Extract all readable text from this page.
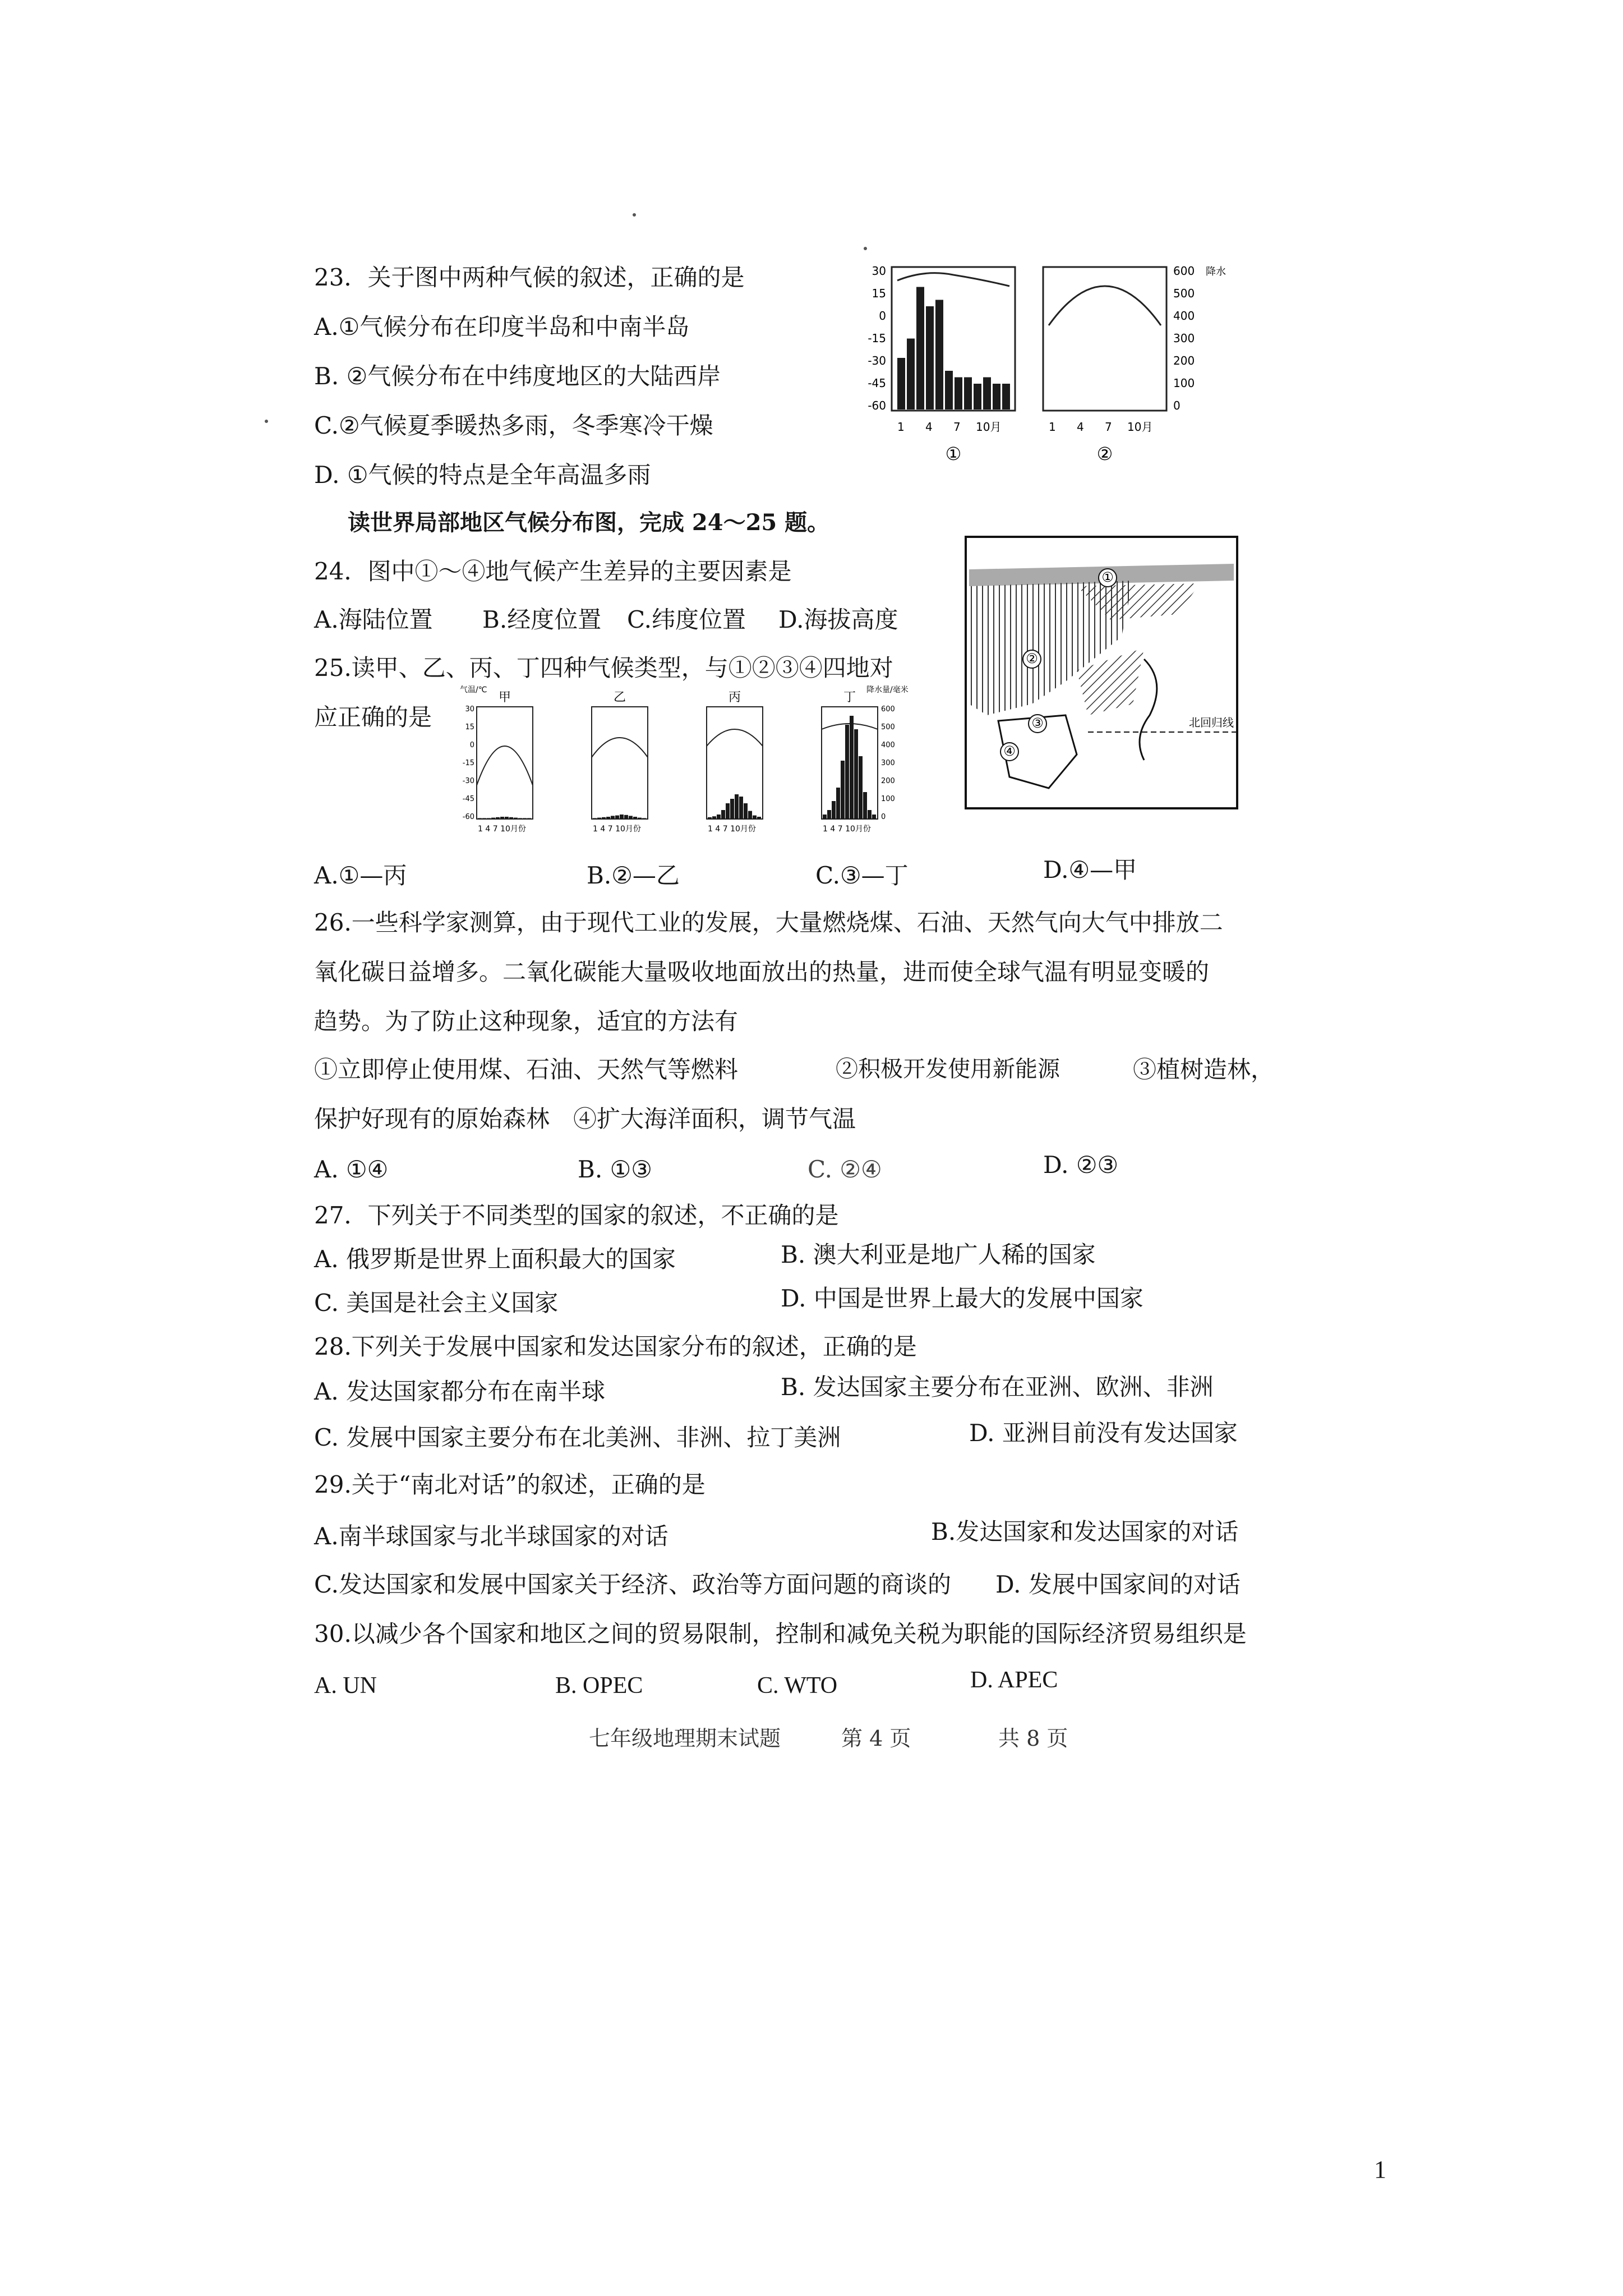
23．关于图中两种气候的叙述，正确的是
A.①气候分布在印度半岛和中南半岛
B. ②气候分布在中纬度地区的大陆西岸
C.②气候夏季暖热多雨，冬季寒冷干燥
D. ①气候的特点是全年高温多雨
30
15
0
-15
-30
-45
-60
600
500
400
300
200
100
0
降水
1 4 7 10月	1 4 7 10月
①	②
读世界局部地区气候分布图，完成 24～25 题。
24．图中①～④地气候产生差异的主要因素是
A.海陆位置 B.经度位置 C.纬度位置 D.海拔高度
北回归线
①
②
③
④
25.读甲、乙、丙、丁四种气候类型，与①②③④四地对
应正确的是
甲
1 4 7 10月份
气温/℃
乙
1 4 7 10月份
丙
1 4 7 10月份
丁
1 4 7 10月份
降水量/毫米
30
15
0
-15
-30
-45
-60
600
500
400
300
200
100
0
A.①—丙	B.②—乙	C.③—丁	D.④—甲
26.一些科学家测算，由于现代工业的发展，大量燃烧煤、石油、天然气向大气中排放二
氧化碳日益增多。二氧化碳能大量吸收地面放出的热量，进而使全球气温有明显变暖的
趋势。为了防止这种现象，适宜的方法有
①立即停止使用煤、石油、天然气等燃料	②积极开发使用新能源	③植树造林，
保护好现有的原始森林　④扩大海洋面积，调节气温
A. ①④	B. ①③	C. ②④	D. ②③
27．下列关于不同类型的国家的叙述，不正确的是
A. 俄罗斯是世界上面积最大的国家	B. 澳大利亚是地广人稀的国家
C. 美国是社会主义国家	D. 中国是世界上最大的发展中国家
28.下列关于发展中国家和发达国家分布的叙述，正确的是
A. 发达国家都分布在南半球	B. 发达国家主要分布在亚洲、欧洲、非洲
C. 发展中国家主要分布在北美洲、非洲、拉丁美洲	D. 亚洲目前没有发达国家
29.关于“南北对话”的叙述，正确的是
A.南半球国家与北半球国家的对话	B.发达国家和发达国家的对话
C.发达国家和发展中国家关于经济、政治等方面问题的商谈的 D. 发展中国家间的对话
30.以减少各个国家和地区之间的贸易限制，控制和减免关税为职能的国际经济贸易组织是
A. UN	B. OPEC	C. WTO	D. APEC
七年级地理期末试题	第 4 页	共 8 页
1
